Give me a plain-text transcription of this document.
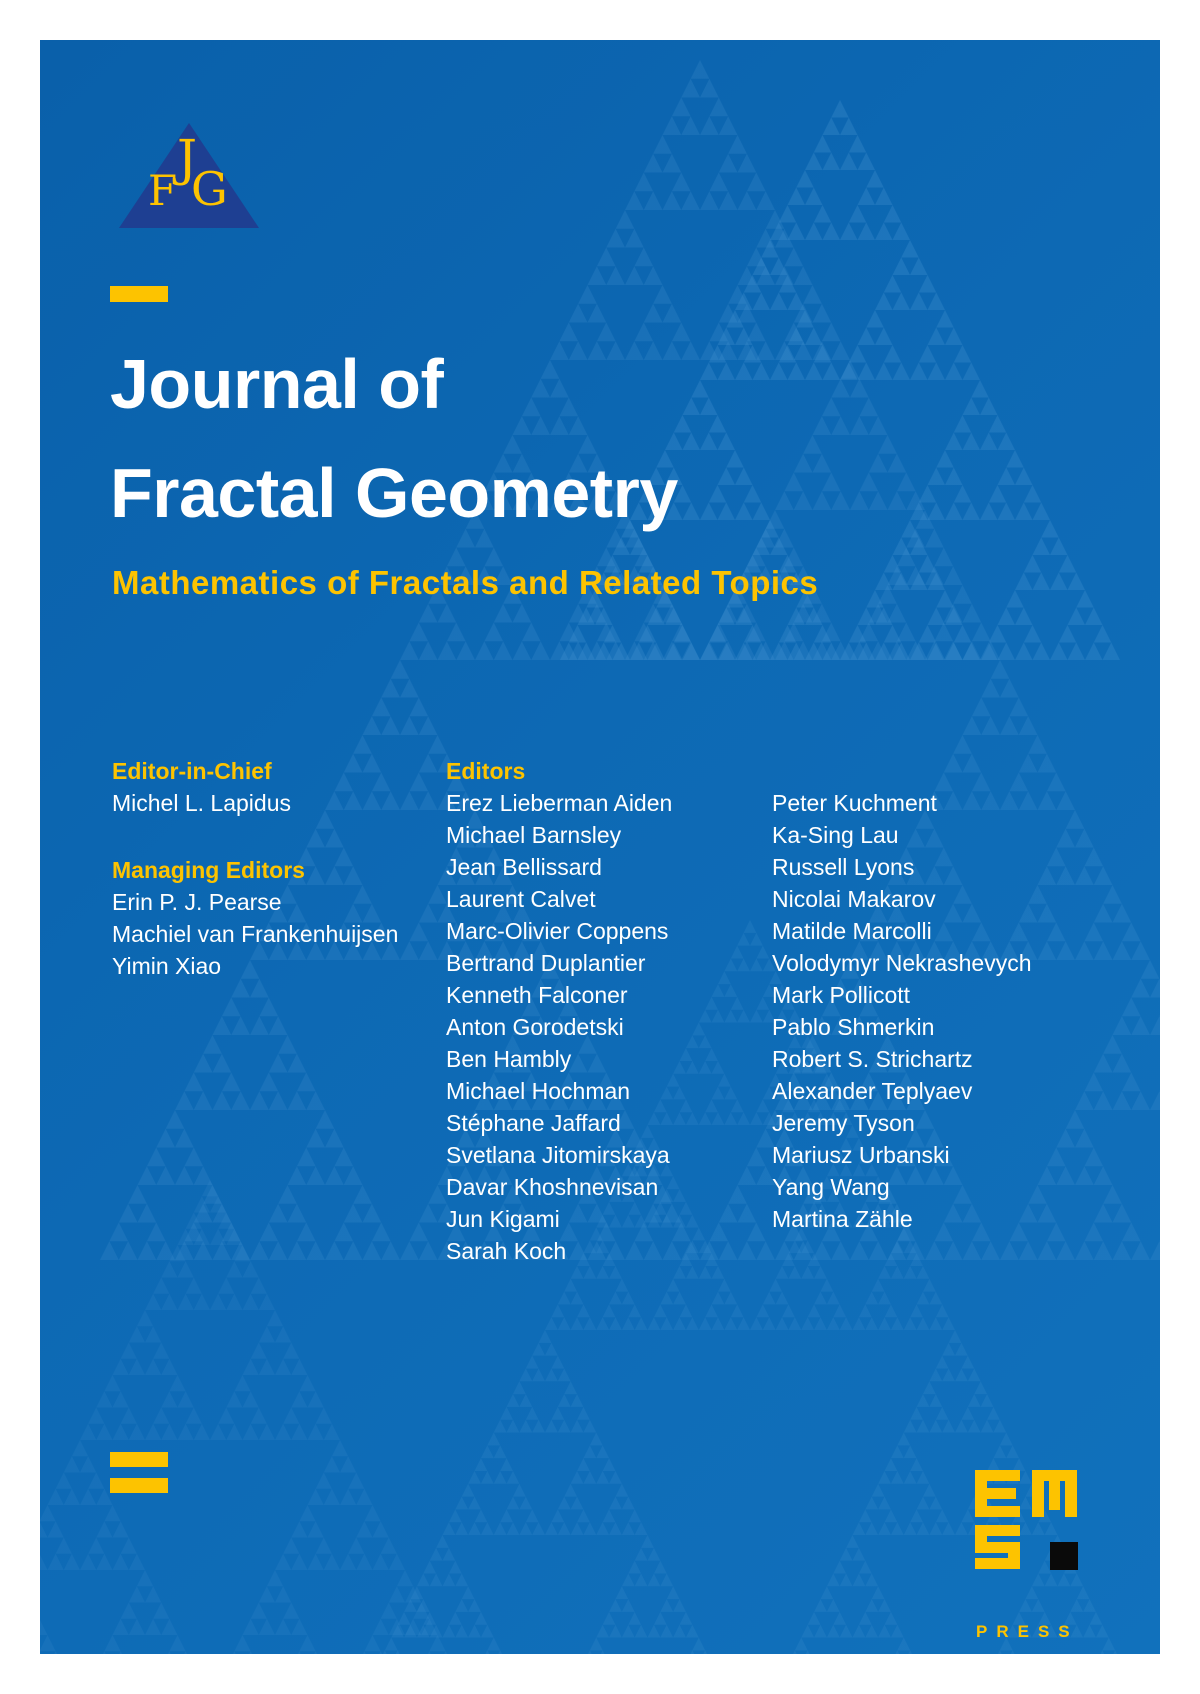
J
F G
Journal of
Fractal Geometry
Mathematics of Fractals and Related Topics
Editor-in-Chief
Michel L. Lapidus
Managing Editors
Erin P. J. Pearse
Machiel van Frankenhuijsen
Yimin Xiao
Editors
Erez Lieberman Aiden
Michael Barnsley
Jean Bellissard
Laurent Calvet
Marc-Olivier Coppens
Bertrand Duplantier
Kenneth Falconer
Anton Gorodetski
Ben Hambly
Michael Hochman
Stéphane Jaffard
Svetlana Jitomirskaya
Davar Khoshnevisan
Jun Kigami
Sarah Koch
Peter Kuchment
Ka-Sing Lau
Russell Lyons
Nicolai Makarov
Matilde Marcolli
Volodymyr Nekrashevych
Mark Pollicott
Pablo Shmerkin
Robert S. Strichartz
Alexander Teplyaev
Jeremy Tyson
Mariusz Urbanski
Yang Wang
Martina Zähle
PRESS
